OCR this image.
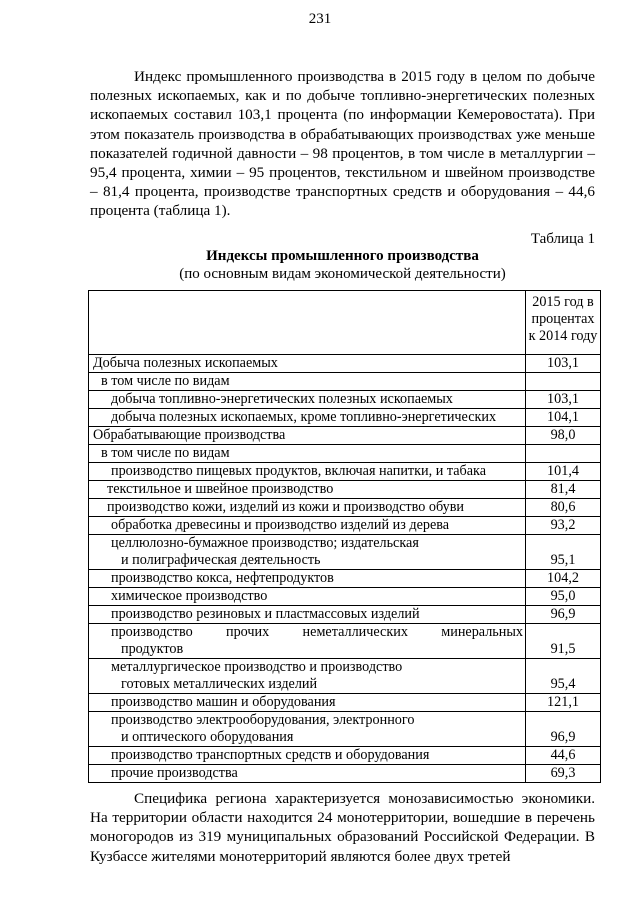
231

Индекс промышленного производства в 2015 году в целом по добыче полезных ископаемых, как и по добыче топливно-энергетических полезных ископаемых составил 103,1 процента (по информации Кемеровостата). При этом показатель производства в обрабатывающих производствах уже меньше показателей годичной давности – 98 процентов, в том числе в металлургии – 95,4 процента, химии – 95 процентов, текстильном и швейном производстве – 81,4 процента, производстве транспортных средств и оборудования – 44,6 процента (таблица 1).

Таблица 1
Индексы промышленного производства
(по основным видам экономической деятельности)
	2015 год в процентах к 2014 году
Добыча полезных ископаемых	103,1
в том числе по видам	
добыча топливно-энергетических полезных ископаемых	103,1
добыча полезных ископаемых, кроме топливно-энергетических	104,1
Обрабатывающие производства	98,0
в том числе по видам	
производство пищевых продуктов, включая напитки, и табака	101,4
текстильное и швейное производство	81,4
производство кожи, изделий из кожи и производство обуви	80,6
обработка древесины и производство изделий из дерева	93,2

целлюлозно-бумажное производство; издательская
и полиграфическая деятельность	95,1
производство кокса, нефтепродуктов	104,2
химическое производство	95,0
производство резиновых и пластмассовых изделий	96,9

производство прочих неметаллических минеральных
продуктов	91,5

металлургическое производство и производство
готовых металлических изделий	95,4
производство машин и оборудования	121,1

производство электрооборудования, электронного
и оптического оборудования	96,9
производство транспортных средств и оборудования	44,6
прочие производства	69,3

Специфика региона характеризуется монозависимостью экономики. На территории области находится 24 монотерритории, вошедшие в перечень моногородов из 319 муниципальных образований Российской Федерации. В Кузбассе жителями монотерриторий являются более двух третей
